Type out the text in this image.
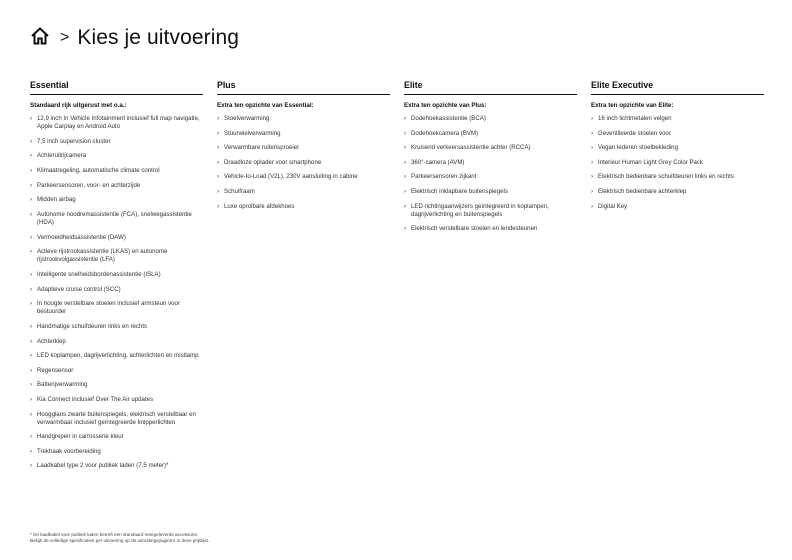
> Kies je uitvoering
Essential
Standaard rijk uitgerust met o.a.:
› 12,9 inch In Vehicle Infotainment inclusief full map navigatie, Apple Carplay en Android Auto
› 7,5 inch supervision cluster
› Achteruitrijcamera
› Klimaatregeling, automatische climate control
› Parkeersensoren, voor- en achterzijde
› Midden airbag
› Autonome noodremassistentie (FCA), snelwegassistentie (HDA)
› Vermoeidheidsassistentie (DAW)
› Actieve rijstrookassistentie (LKAS) en autonome rijstrookvolgassistentie (LFA)
› Intelligente snelheidsbordenassistentie (ISLA)
› Adaptieve cruise control (SCC)
› In hoogte verstelbare stoelen inclusief armsteun voor bestuurder
› Handmatige schuifdeuren links en rechts
› Achterklep
› LED koplampen, dagrijverlichting, achterlichten en mistlamp
› Regensensor
› Batterijverwarming
› Kia Connect inclusief Over The Air updates
› Hoogglans zwarte buitenspiegels, elektrisch verstelbaar en verwarmbaar inclusief geïntegreerde knipperlichten
› Handgrepen in carrosserie kleur
› Trekhaak voorbereiding
› Laadkabel type 2 voor publiek laden (7,5 meter)*
Plus
Extra ten opzichte van Essential:
› Stoelverwarming
› Stuurwielverwarming
› Verwarmbare ruitensproeier
› Draadloze oplader voor smartphone
› Vehicle-to-Load (V2L), 230V aansluiting in cabine
› Schuifraam
› Luxe oprolbare afdekhoes
Elite
Extra ten opzichte van Plus:
› Dodehoekassistentie (BCA)
› Dodehoekcamera (BVM)
› Kruisend verkeersassistentie achter (RCCA)
› 360°-camera (AVM)
› Parkeersensoren zijkant
› Elektrisch inklapbare buitenspiegels
› LED richtingaanwijzers geïntegreerd in koplampen, dagrijverlichting en buitenspiegels
› Elektrisch verstelbare stoelen en lendesteunen
Elite Executive
Extra ten opzichte van Elite:
› 16 inch lichtmetalen velgen
› Geventileerde stoelen voor
› Vegan lederen stoelbekleding
› Interieur Human Light Grey Color Pack
› Elektrisch bedienbare schuifdeuren links en rechts
› Elektrisch bedienbare achterklep
› Digital Key
* De laadkabel voor publiek laden betreft een standaard meegeleverde accessoire.
Bekijk de volledige specificaties per uitvoering op de uitrustingspagina's in deze prijslijst.
